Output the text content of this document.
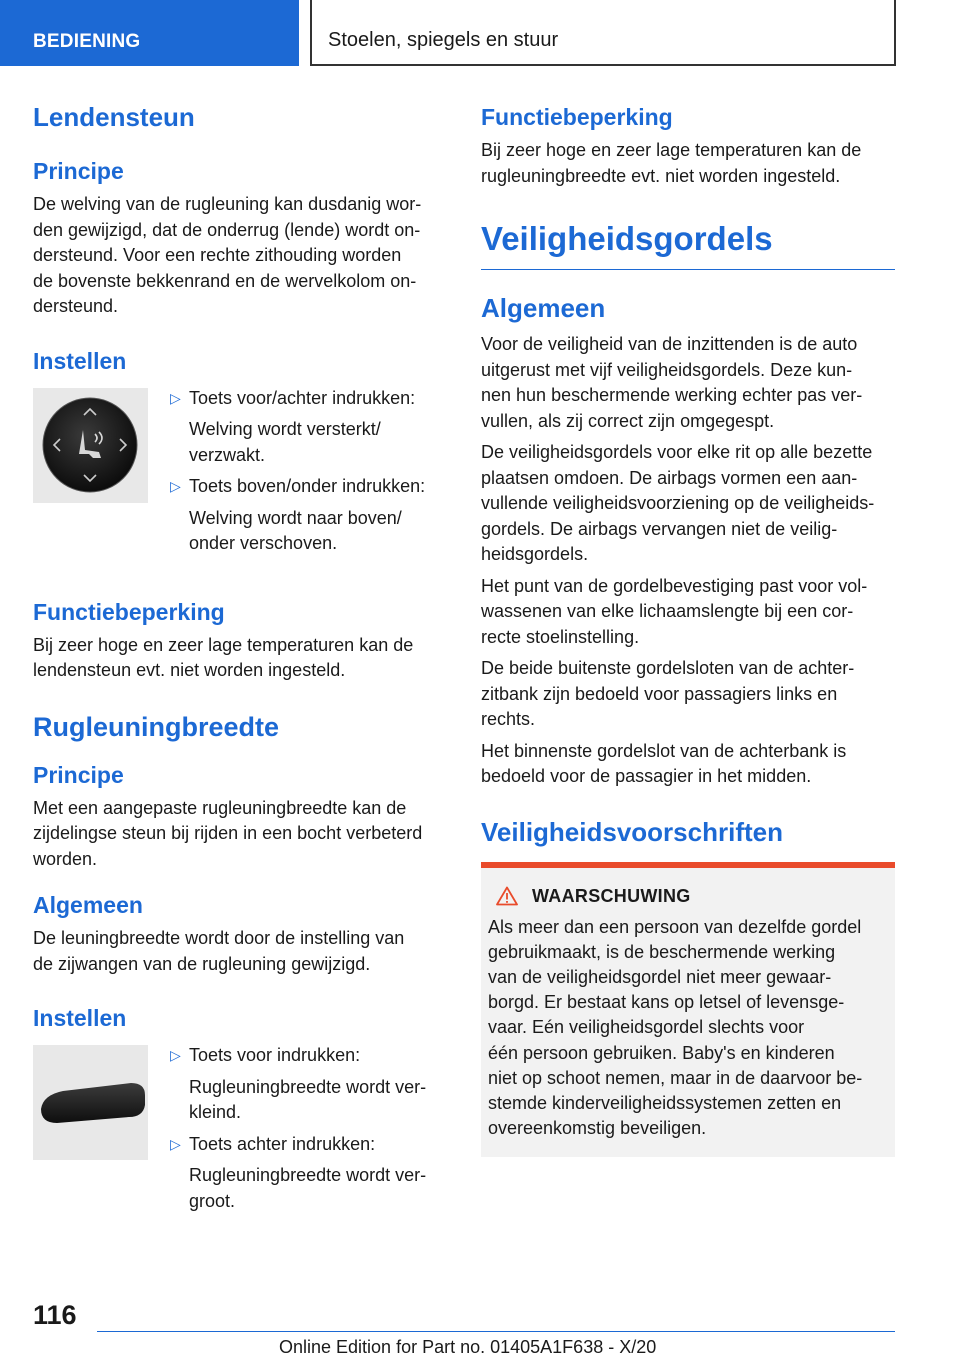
BEDIENING	Stoelen, spiegels en stuur
Lendensteun
Principe
De welving van de rugleuning kan dusdanig wor-
den gewijzigd, dat de onderrug (lende) wordt on-
dersteund. Voor een rechte zithouding worden
de bovenste bekkenrand en de wervelkolom on-
dersteund.
Instellen
▷ Toets voor/achter indrukken:
Welving wordt versterkt/
verzwakt.
▷ Toets boven/onder indrukken:
Welving wordt naar boven/
onder verschoven.
Functiebeperking
Bij zeer hoge en zeer lage temperaturen kan de
lendensteun evt. niet worden ingesteld.
Rugleuningbreedte
Principe
Met een aangepaste rugleuningbreedte kan de
zijdelingse steun bij rijden in een bocht verbeterd
worden.
Algemeen
De leuningbreedte wordt door de instelling van
de zijwangen van de rugleuning gewijzigd.
Instellen
▷ Toets voor indrukken:
Rugleuningbreedte wordt ver-
kleind.
▷ Toets achter indrukken:
Rugleuningbreedte wordt ver-
groot.
Functiebeperking
Bij zeer hoge en zeer lage temperaturen kan de
rugleuningbreedte evt. niet worden ingesteld.
Veiligheidsgordels
Algemeen
Voor de veiligheid van de inzittenden is de auto
uitgerust met vijf veiligheidsgordels. Deze kun-
nen hun beschermende werking echter pas ver-
vullen, als zij correct zijn omgegespt.
De veiligheidsgordels voor elke rit op alle bezette
plaatsen omdoen. De airbags vormen een aan-
vullende veiligheidsvoorziening op de veiligheids-
gordels. De airbags vervangen niet de veilig-
heidsgordels.
Het punt van de gordelbevestiging past voor vol-
wassenen van elke lichaamslengte bij een cor-
recte stoelinstelling.
De beide buitenste gordelsloten van de achter-
zitbank zijn bedoeld voor passagiers links en
rechts.
Het binnenste gordelslot van de achterbank is
bedoeld voor de passagier in het midden.
Veiligheidsvoorschriften
WAARSCHUWING
Als meer dan een persoon van dezelfde gordel
gebruikmaakt, is de beschermende werking
van de veiligheidsgordel niet meer gewaar-
borgd. Er bestaat kans op letsel of levensge-
vaar. Eén veiligheidsgordel slechts voor
één persoon gebruiken. Baby's en kinderen
niet op schoot nemen, maar in de daarvoor be-
stemde kinderveiligheidssystemen zetten en
overeenkomstig beveiligen.
116
Online Edition for Part no. 01405A1F638 - X/20
